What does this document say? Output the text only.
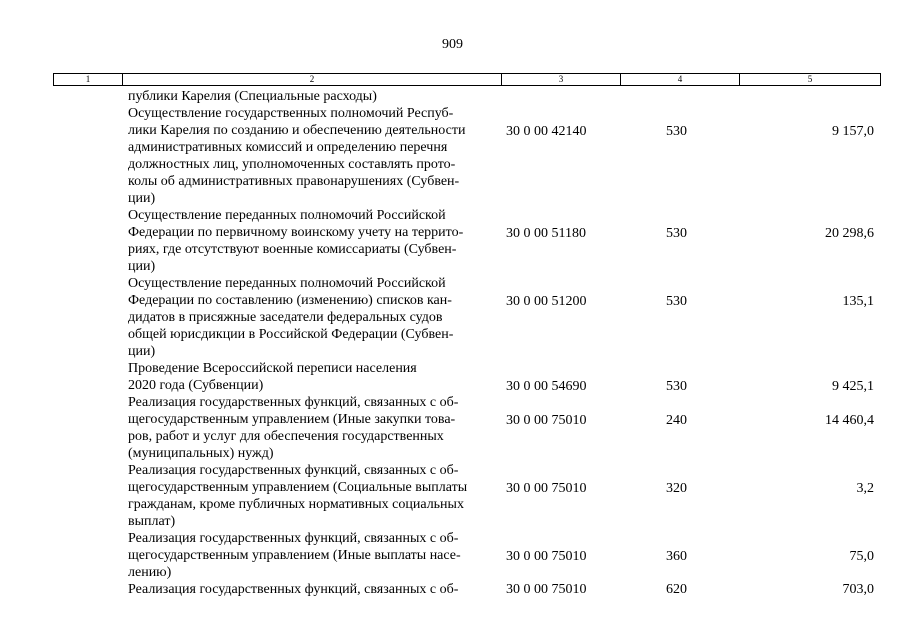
909
1	2	3	4	5
публики Карелия (Специальные расходы)
Осуществление государственных полномочий Респуб-
лики Карелия по созданию и обеспечению деятельности
административных комиссий и определению перечня
должностных лиц, уполномоченных составлять прото-
колы об административных правонарушениях (Субвен-
ции)
30 0 00 42140	530	9 157,0
Осуществление переданных полномочий Российской
Федерации по первичному воинскому учету на террито-
риях, где отсутствуют военные комиссариаты (Субвен-
ции)
30 0 00 51180	530	20 298,6
Осуществление переданных полномочий Российской
Федерации по составлению (изменению) списков кан-
дидатов в присяжные заседатели федеральных судов
общей юрисдикции в Российской Федерации (Субвен-
ции)
30 0 00 51200	530	135,1
Проведение Всероссийской переписи населения
2020 года (Субвенции)	30 0 00 54690	530	9 425,1
Реализация государственных функций, связанных с об-
щегосударственным управлением (Иные закупки това-
ров, работ и услуг для обеспечения государственных
(муниципальных) нужд)
30 0 00 75010	240	14 460,4
Реализация государственных функций, связанных с об-
щегосударственным управлением (Социальные выплаты
гражданам, кроме публичных нормативных социальных
выплат)
30 0 00 75010	320	3,2
Реализация государственных функций, связанных с об-
щегосударственным управлением (Иные выплаты насе-
лению)
30 0 00 75010	360	75,0
Реализация государственных функций, связанных с об-	30 0 00 75010	620	703,0
